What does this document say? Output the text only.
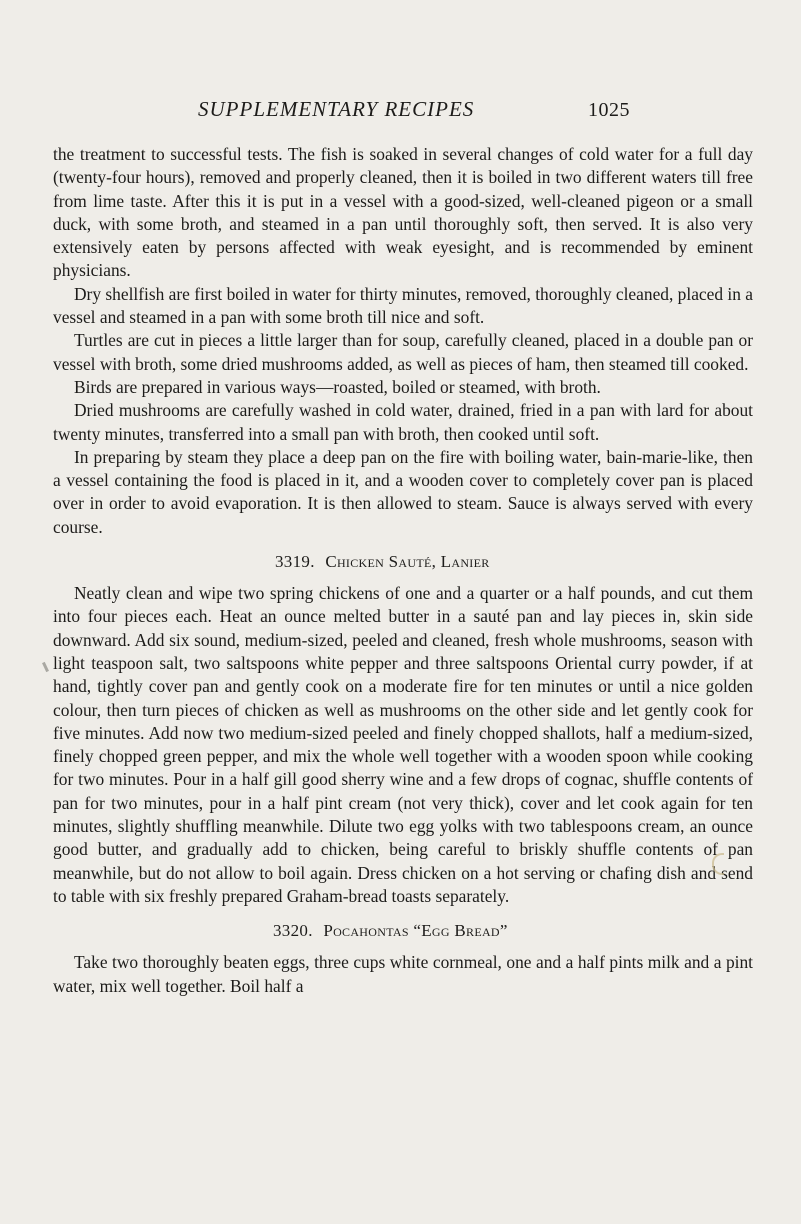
SUPPLEMENTARY RECIPES	1025

the treatment to successful tests. The fish is soaked in several changes of cold water for a full day (twenty-four hours), removed and properly cleaned, then it is boiled in two different waters till free from lime taste. After this it is put in a vessel with a good-sized, well-cleaned pigeon or a small duck, with some broth, and steamed in a pan until thoroughly soft, then served. It is also very extensively eaten by persons affected with weak eyesight, and is recommended by eminent physicians.

Dry shellfish are first boiled in water for thirty minutes, removed, thoroughly cleaned, placed in a vessel and steamed in a pan with some broth till nice and soft.

Turtles are cut in pieces a little larger than for soup, carefully cleaned, placed in a double pan or vessel with broth, some dried mushrooms added, as well as pieces of ham, then steamed till cooked.

Birds are prepared in various ways—roasted, boiled or steamed, with broth.

Dried mushrooms are carefully washed in cold water, drained, fried in a pan with lard for about twenty minutes, transferred into a small pan with broth, then cooked until soft.

In preparing by steam they place a deep pan on the fire with boiling water, bain-marie-like, then a vessel containing the food is placed in it, and a wooden cover to completely cover pan is placed over in order to avoid evaporation. It is then allowed to steam. Sauce is always served with every course.

3319. Chicken Sauté, Lanier

Neatly clean and wipe two spring chickens of one and a quarter or a half pounds, and cut them into four pieces each. Heat an ounce melted butter in a sauté pan and lay pieces in, skin side downward. Add six sound, medium-sized, peeled and cleaned, fresh whole mushrooms, season with light teaspoon salt, two saltspoons white pepper and three saltspoons Oriental curry powder, if at hand, tightly cover pan and gently cook on a moderate fire for ten minutes or until a nice golden colour, then turn pieces of chicken as well as mushrooms on the other side and let gently cook for five minutes. Add now two medium-sized peeled and finely chopped shallots, half a medium-sized, finely chopped green pepper, and mix the whole well together with a wooden spoon while cooking for two minutes. Pour in a half gill good sherry wine and a few drops of cognac, shuffle contents of pan for two minutes, pour in a half pint cream (not very thick), cover and let cook again for ten minutes, slightly shuffling meanwhile. Dilute two egg yolks with two tablespoons cream, an ounce good butter, and gradually add to chicken, being careful to briskly shuffle contents of pan meanwhile, but do not allow to boil again. Dress chicken on a hot serving or chafing dish and send to table with six freshly prepared Graham-bread toasts separately.

3320. Pocahontas “Egg Bread”

Take two thoroughly beaten eggs, three cups white cornmeal, one and a half pints milk and a pint water, mix well together. Boil half a
